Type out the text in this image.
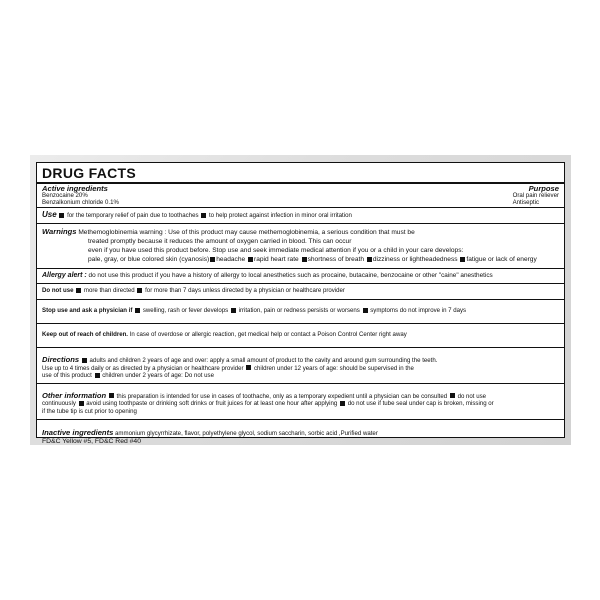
DRUG FACTS
Active ingredients	Purpose
Benzocaine 20%	Oral pain reliever
Benzalkonium chloride 0.1%	Antiseptic
Use for the temporary relief of pain due to toothaches to help protect against infection in minor oral irritation
Warnings Methemoglobinemia warning : Use of this product may cause methemoglobinemia, a serious condition that must be
treated promptly because it reduces the amount of oxygen carried in blood. This can occur
even if you have used this product before. Stop use and seek immediate medical attention if you or a child in your care develops:
pale, gray, or blue colored skin (cyanosis) headache rapid heart rate shortness of breath dizziness or lightheadedness fatigue or lack of energy
Allergy alert : do not use this product if you have a history of allergy to local anesthetics such as procaine, butacaine, benzocaine or other "caine" anesthetics
Do not use more than directed for more than 7 days unless directed by a physician or healthcare provider
Stop use and ask a physician if swelling, rash or fever develops irritation, pain or redness persists or worsens symptoms do not improve in 7 days
Keep out of reach of children. In case of overdose or allergic reaction, get medical help or contact a Poison Control Center right away
Directions adults and children 2 years of age and over: apply a small amount of product to the cavity and around gum surrounding the teeth.
Use up to 4 times daily or as directed by a physician or healthcare provider children under 12 years of age: should be supervised in the
use of this product children under 2 years of age: Do not use
Other information this preparation is intended for use in cases of toothache, only as a temporary expedient until a physician can be consulted do not use
continuously avoid using toothpaste or drinking soft drinks or fruit juices for at least one hour after applying do not use if tube seal under cap is broken, missing or
if the tube tip is cut prior to opening
Inactive ingredients ammonium glycyrrhizate, flavor, polyethylene glycol, sodium saccharin, sorbic acid ,Purified water
FD&C Yellow #5, FD&C Red #40
